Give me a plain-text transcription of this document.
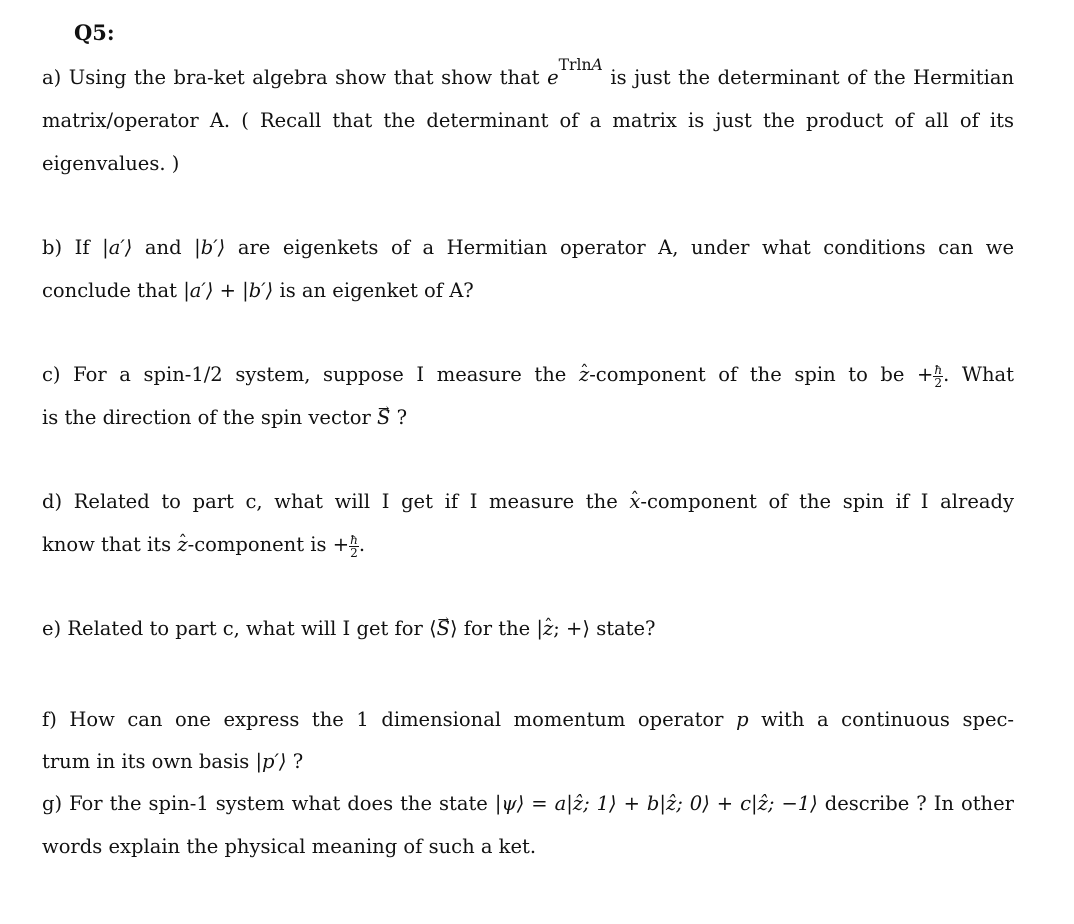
Q5:

a) Using the bra-ket algebra show that show that $e^{TrlnA}$ is just the determinant of the Hermitian

matrix/operator A. ( Recall that the determinant of a matrix is just the product of all of its

eigenvalues. )

b) If |a′⟩ and |b′⟩ are eigenkets of a Hermitian operator A, under what conditions can we

conclude that |a′⟩ + |b′⟩ is an eigenket of A?

c) For a spin-1/2 system, suppose I measure the ˆ z-component of the spin to be + $\frac{ħ}{2}$ . What

is the direction of the spin vector → S ?

d) Related to part c, what will I get if I measure the ˆ x-component of the spin if I already

know that its ˆ z-component is + $\frac{ħ}{2}$ .

e) Related to part c, what will I get for ⟨→ S⟩ for the |ˆ z; +⟩ state?

f) How can one express the 1 dimensional momentum operator p with a continuous spec-

trum in its own basis |p′⟩ ?

g) For the spin-1 system what does the state |ψ⟩ = a|ẑ; 1⟩ + b|ẑ; 0⟩ + c|ẑ; −1⟩ describe ? In other

words explain the physical meaning of such a ket.
